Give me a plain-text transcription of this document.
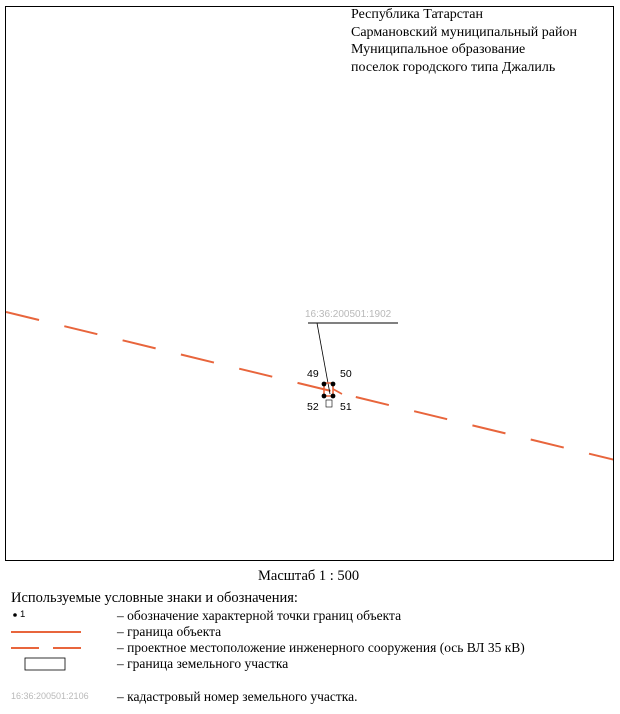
16:36:200501:1902
49 50
52 51
Республика Татарстан
Сармановский муниципальный район
Муниципальное образование
поселок городского типа Джалиль
Масштаб 1 : 500
Используемые условные знаки и обозначения:
1	– обозначение характерной точки границ объекта
– граница объекта
– проектное местоположение инженерного сооружения (ось ВЛ 35 кВ)
– граница земельного участка
16:36:200501:2106 – кадастровый номер земельного участка.
